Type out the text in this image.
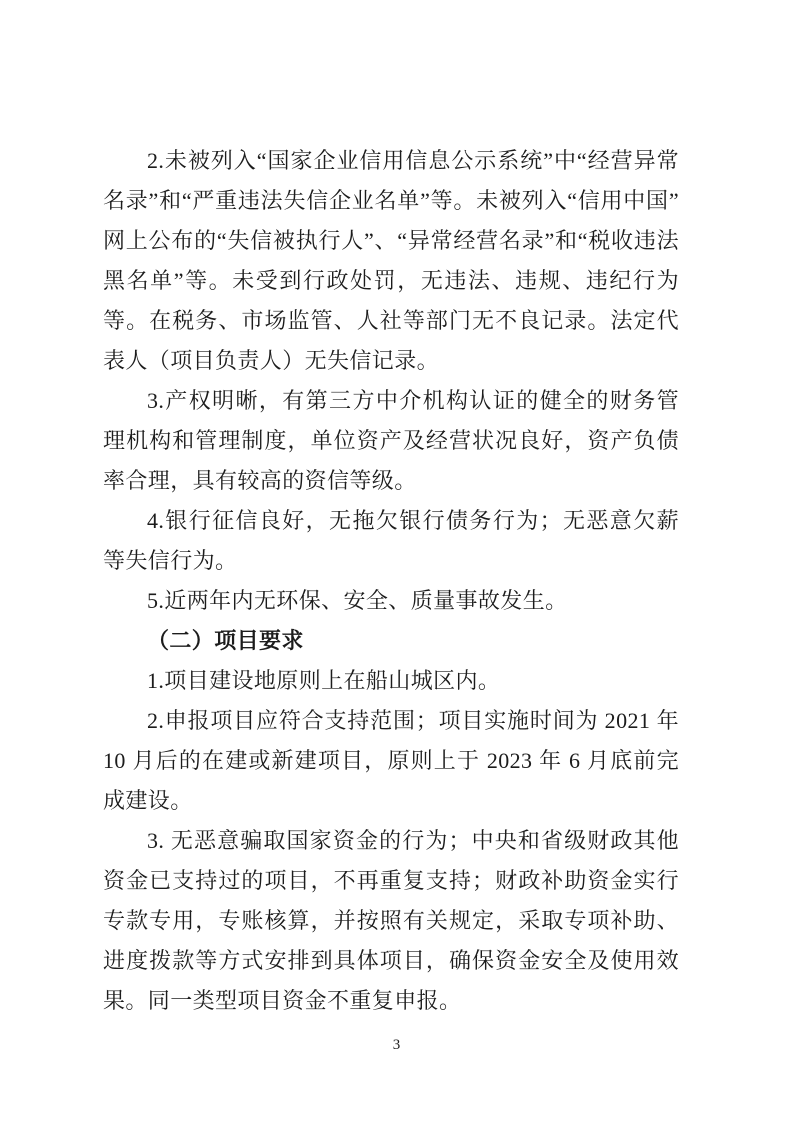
2.未被列入“国家企业信用信息公示系统”中“经营异常名录”和“严重违法失信企业名单”等。未被列入“信用中国”网上公布的“失信被执行人”、“异常经营名录”和“税收违法黑名单”等。未受到行政处罚，无违法、违规、违纪行为等。在税务、市场监管、人社等部门无不良记录。法定代表人（项目负责人）无失信记录。

3.产权明晰，有第三方中介机构认证的健全的财务管理机构和管理制度，单位资产及经营状况良好，资产负债率合理，具有较高的资信等级。

4.银行征信良好，无拖欠银行债务行为；无恶意欠薪等失信行为。

5.近两年内无环保、安全、质量事故发生。

（二）项目要求

1.项目建设地原则上在船山城区内。

2.申报项目应符合支持范围；项目实施时间为 2021 年 10 月后的在建或新建项目，原则上于 2023 年 6 月底前完成建设。

3. 无恶意骗取国家资金的行为；中央和省级财政其他资金已支持过的项目，不再重复支持；财政补助资金实行专款专用，专账核算，并按照有关规定，采取专项补助、进度拨款等方式安排到具体项目，确保资金安全及使用效果。同一类型项目资金不重复申报。

3
